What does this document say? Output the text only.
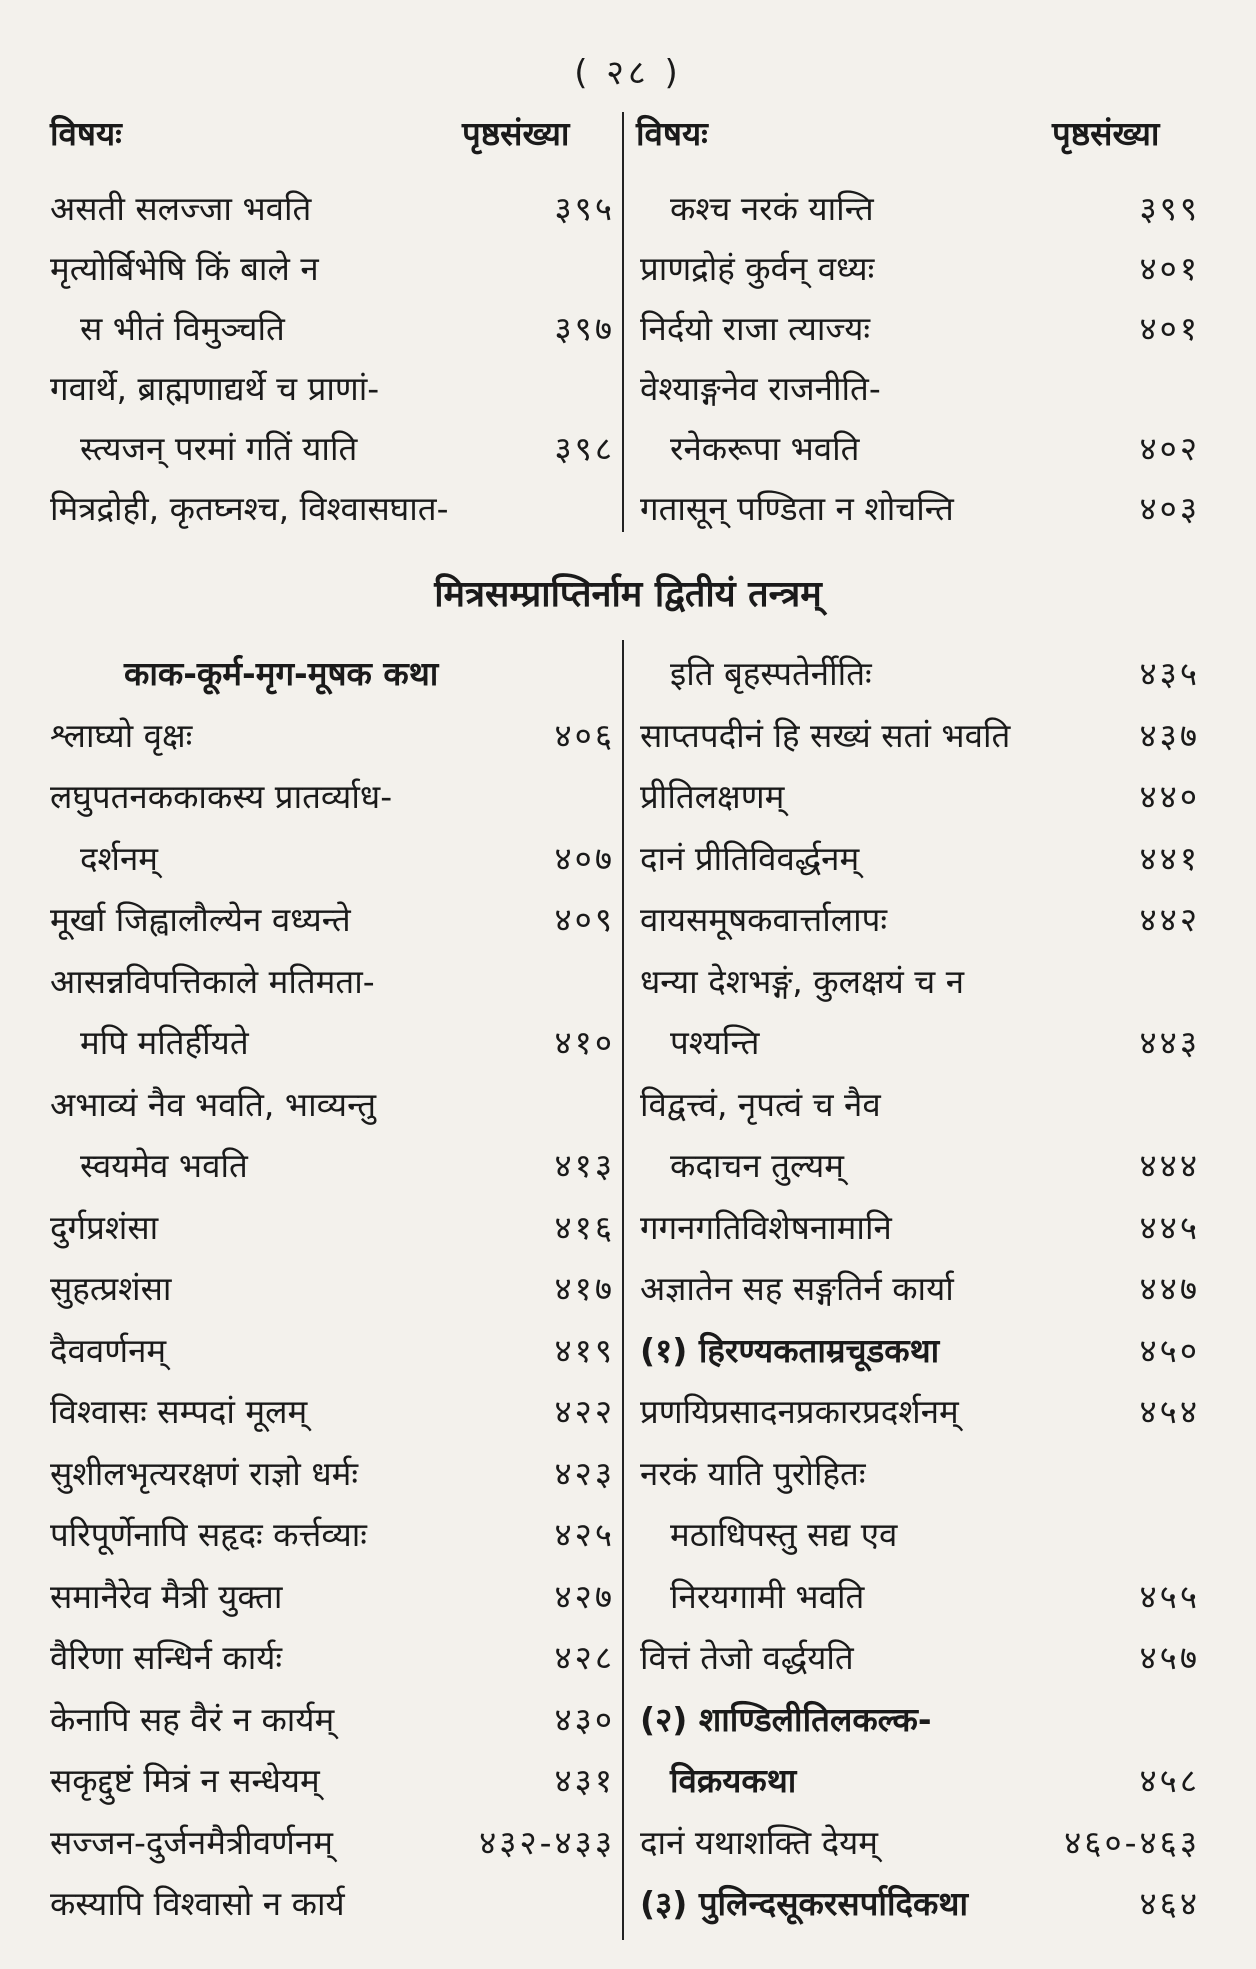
( २८ )
विषयः	पृष्ठसंख्या विषयः	पृष्ठसंख्या
मित्रसम्प्राप्तिर्नाम द्वितीयं तन्त्रम्
असती सलज्जा भवति	३९५
मृत्योर्बिभेषि किं बाले न
स भीतं विमुञ्चति	३९७
गवार्थे, ब्राह्मणाद्यर्थे च प्राणां-
स्त्यजन् परमां गतिं याति	३९८
मित्रद्रोही, कृतघ्नश्च, विश्वासघात-
कश्च नरकं यान्ति	३९९
प्राणद्रोहं कुर्वन् वध्यः	४०१
निर्दयो राजा त्याज्यः	४०१
वेश्याङ्गनेव राजनीति-
रनेकरूपा भवति	४०२
गतासून् पण्डिता न शोचन्ति	४०३
काक-कूर्म-मृग-मूषक कथा
श्लाघ्यो वृक्षः	४०६
लघुपतनककाकस्य प्रातर्व्याध-
दर्शनम्	४०७
मूर्खा जिह्वालौल्येन वध्यन्ते	४०९
आसन्नविपत्तिकाले मतिमता-
मपि मतिर्हीयते	४१०
अभाव्यं नैव भवति, भाव्यन्तु
स्वयमेव भवति	४१३
दुर्गप्रशंसा	४१६
सुहत्प्रशंसा	४१७
दैववर्णनम्	४१९
विश्वासः सम्पदां मूलम्	४२२
सुशीलभृत्यरक्षणं राज्ञो धर्मः	४२३
परिपूर्णेनापि सहृदः कर्त्तव्याः	४२५
समानैरेव मैत्री युक्ता	४२७
वैरिणा सन्धिर्न कार्यः	४२८
केनापि सह वैरं न कार्यम्	४३०
सकृद्दुष्टं मित्रं न सन्धेयम्	४३१
सज्जन-दुर्जनमैत्रीवर्णनम्	४३२-४३३
कस्यापि विश्वासो न कार्य
इति बृहस्पतेर्नीतिः	४३५
साप्तपदीनं हि सख्यं सतां भवति	४३७
प्रीतिलक्षणम्	४४०
दानं प्रीतिविवर्द्धनम्	४४१
वायसमूषकवार्त्तालापः	४४२
धन्या देशभङ्गं, कुलक्षयं च न
पश्यन्ति	४४३
विद्वत्त्वं, नृपत्वं च नैव
कदाचन तुल्यम्	४४४
गगनगतिविशेषनामानि	४४५
अज्ञातेन सह सङ्गतिर्न कार्या	४४७
(१) हिरण्यकताम्रचूडकथा	४५०
प्रणयिप्रसादनप्रकारप्रदर्शनम्	४५४
नरकं याति पुरोहितः
मठाधिपस्तु सद्य एव
निरयगामी भवति	४५५
वित्तं तेजो वर्द्धयति	४५७
(२) शाण्डिलीतिलकल्क-
विक्रयकथा	४५८
दानं यथाशक्ति देयम्	४६०-४६३
(३) पुलिन्दसूकरसर्पादिकथा	४६४
